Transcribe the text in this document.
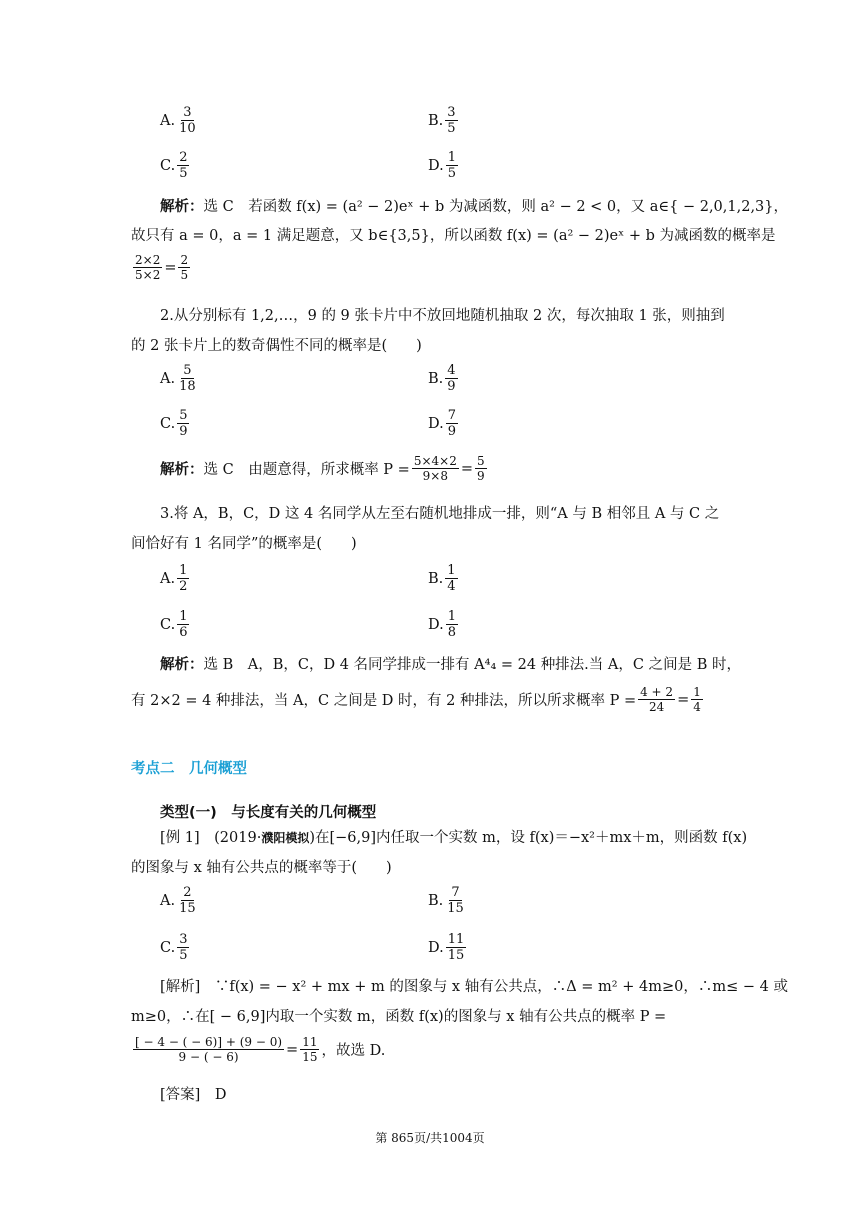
A. $\frac{3}{10}$	B. $\frac{3}{5}$
C. $\frac{2}{5}$	D. $\frac{1}{5}$
解析：选 C　若函数 f(x) = (a² − 2)eˣ + b 为减函数，则 a² − 2 < 0，又 a∈{ − 2,0,1,2,3}，
故只有 a = 0，a = 1 满足题意，又 b∈{3,5}，所以函数 f(x) = (a² − 2)eˣ + b 为减函数的概率是
$\frac{2\times 2}{5\times 2} = \frac{2}{5}$
2.从分别标有 1,2,…，9 的 9 张卡片中不放回地随机抽取 2 次，每次抽取 1 张，则抽到
的 2 张卡片上的数奇偶性不同的概率是(　　)
A. $\frac{5}{18}$	B. $\frac{4}{9}$
C. $\frac{5}{9}$	D. $\frac{7}{9}$
解析： 选 C　由题意得，所求概率 $P = \frac{5\times 4\times 2}{9\times 8} = \frac{5}{9}$
3.将 A，B，C，D 这 4 名同学从左至右随机地排成一排，则“A 与 B 相邻且 A 与 C 之
间恰好有 1 名同学”的概率是(　　)
A. $\frac{1}{2}$	B. $\frac{1}{4}$
C. $\frac{1}{6}$	D. $\frac{1}{8}$
解析：选 B　A，B，C，D 4 名同学排成一排有 A⁴₄ = 24 种排法.当 A，C 之间是 B 时，
有 2×2 = 4 种排法，当 A，C 之间是 D 时，有 2 种排法，所以所求概率 $P = \frac{4 + 2}{24} = \frac{1}{4}$
考点二　几何概型
类型(一)　与长度有关的几何概型
[例 1]　(2019·濮阳模拟)在[−6,9]内任取一个实数 m，设 f(x)＝−x²＋mx＋m，则函数 f(x)
的图象与 x 轴有公共点的概率等于(　　)
A. $\frac{2}{15}$	B. $\frac{7}{15}$
C. $\frac{3}{5}$	D. $\frac{11}{15}$
[解析]　 ∵f(x) = − x² + mx + m 的图象与 x 轴有公共点，∴Δ = m² + 4m≥0，∴m≤ − 4 或
m≥0，∴在[ − 6,9]内取一个实数 m，函数 f(x)的图象与 x 轴有公共点的概率 P =
$\frac{[ - 4 - ( - 6)] + (9 - 0)}{9 - ( - 6)} = \frac{11}{15}$ ，故选 D.
[答案]　 D
第 865页/共1004页
